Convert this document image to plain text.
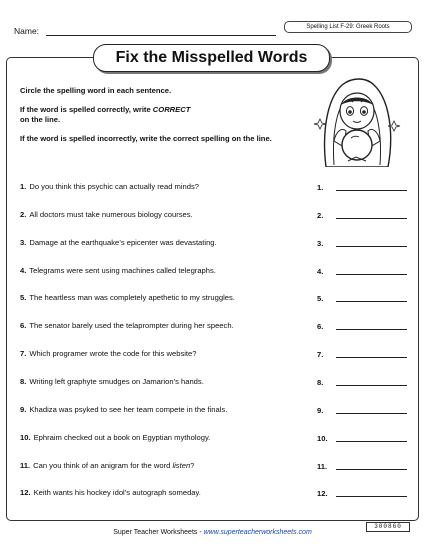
Name:	Spelling List F-29: Greek Roots
Fix the Misspelled Words

Circle the spelling word in each sentence.

If the word is spelled correctly, write CORRECT
on the line.

If the word is spelled incorrectly, write the correct spelling on the line.

1. Do you think this psychic can actually read minds?	1.
2. All doctors must take numerous biology courses.	2.
3. Damage at the earthquake’s epicenter was devastating.	3.
4. Telegrams were sent using machines called telegraphs.	4.
5. The heartless man was completely apethetic to my struggles.	5.
6. The senator barely used the telaprompter during her speech.	6.
7. Which programer wrote the code for this website?	7.
8. Writing left graphyte smudges on Jamarion’s hands.	8.
9. Khadiza was psyked to see her team compete in the finals.	9.
10. Ephraim checked out a book on Egyptian mythology.	10.
11. Can you think of an anigram for the word listen?	11.
12. Keith wants his hockey idol’s autograph someday.	12.
Super Teacher Worksheets - www.superteacherworksheets.com
300860
